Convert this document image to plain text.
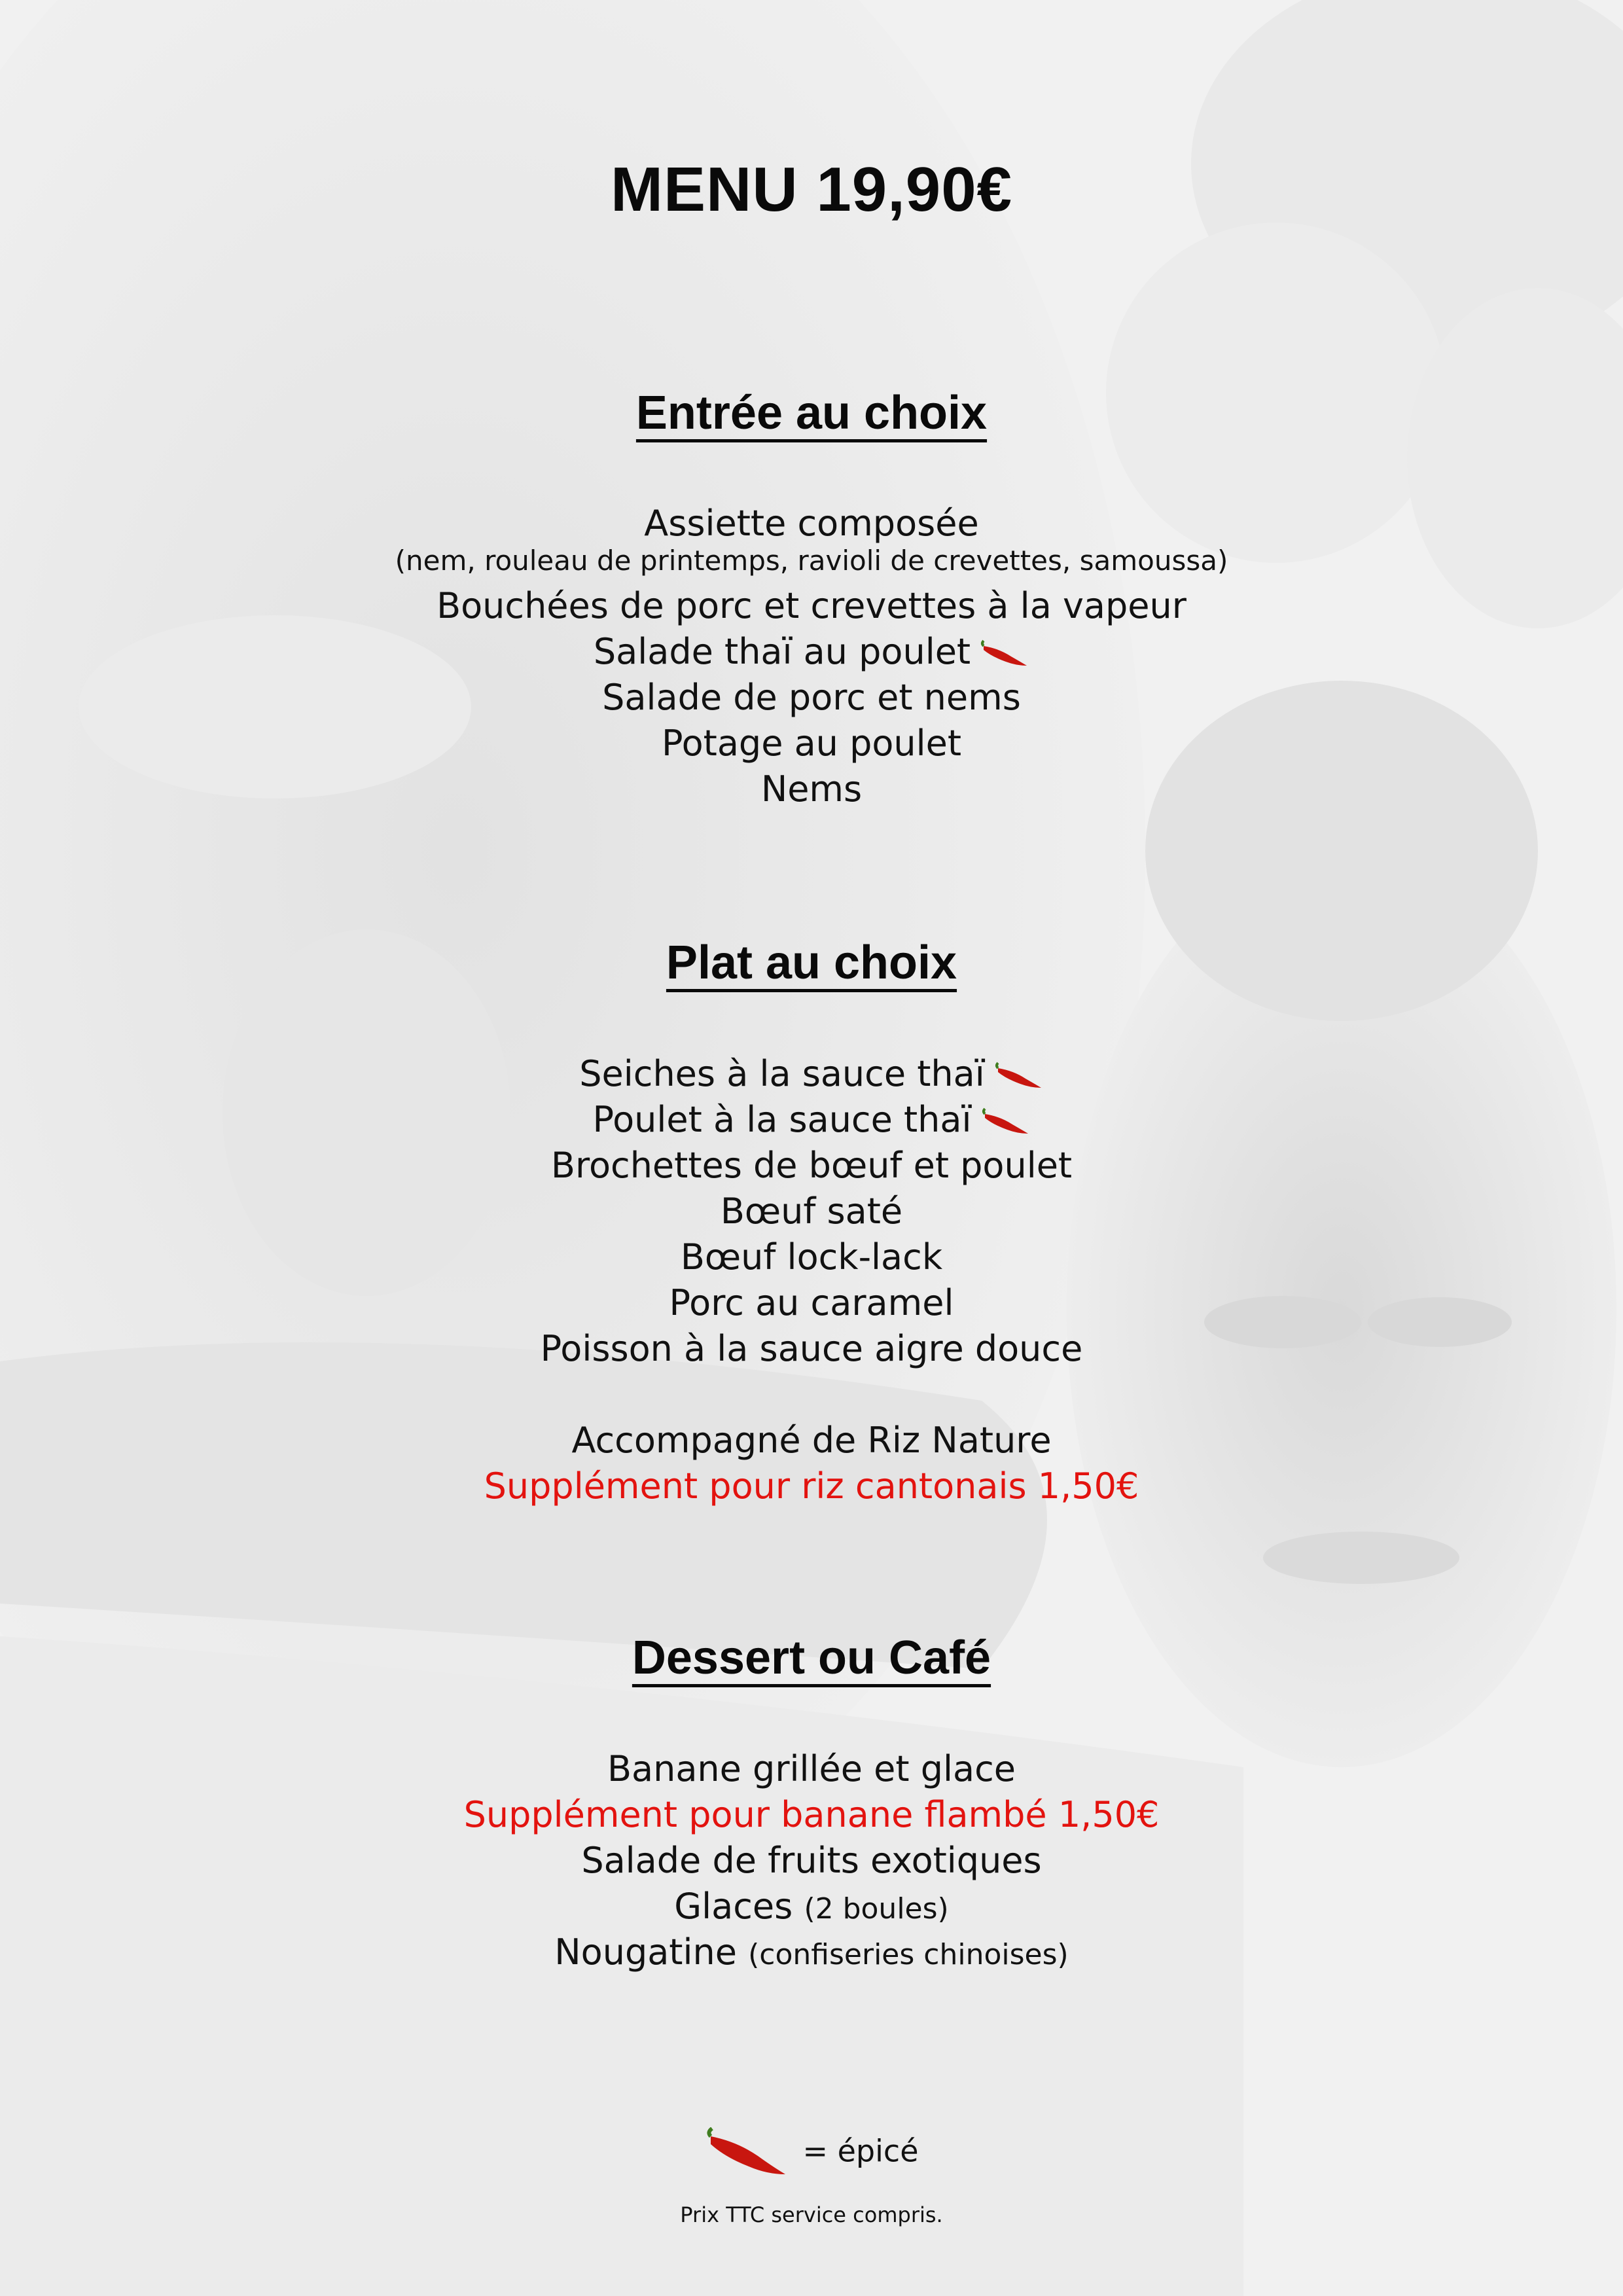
MENU 19,90€
Entrée au choix
Assiette composée
(nem, rouleau de printemps, ravioli de crevettes, samoussa)
Bouchées de porc et crevettes à la vapeur
Salade thaï au poulet
Salade de porc et nems
Potage au poulet
Nems
Plat au choix
Seiches à la sauce thaï
Poulet à la sauce thaï
Brochettes de bœuf et poulet
Bœuf saté
Bœuf lock-lack
Porc au caramel
Poisson à la sauce aigre douce
Accompagné de Riz Nature
Supplément pour riz cantonais 1,50€
Dessert ou Café
Banane grillée et glace
Supplément pour banane flambé 1,50€
Salade de fruits exotiques
Glaces (2 boules)
Nougatine (confiseries chinoises)
= épicé
Prix TTC service compris.
